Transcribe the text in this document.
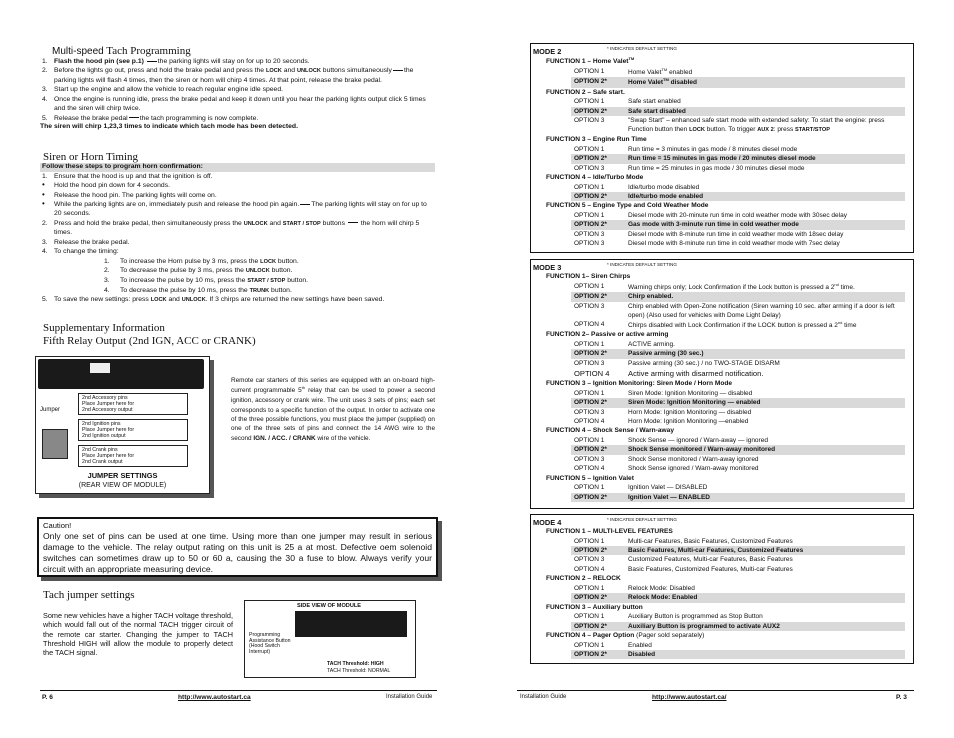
Multi-speed Tach Programming
1. Flash the hood pin (see p.1) the parking lights will stay on for up to 20 seconds.
2. Before the lights go out, press and hold the brake pedal and press the LOCK and UNLOCK buttons simultaneously the parking lights will flash 4 times, then the siren or horn will chirp 4 times. At that point, release the brake pedal.
3. Start up the engine and allow the vehicle to reach regular engine idle speed.
4. Once the engine is running idle, press the brake pedal and keep it down until you hear the parking lights output click 5 times and the siren will chirp twice.
5. Release the brake pedal the tach programming is now complete.
The siren will chirp 1,23,3 times to indicate which tach mode has been detected.
Siren or Horn Timing
Follow these steps to program horn confirmation:
1. Ensure that the hood is up and that the ignition is off.
•	Hold the hood pin down for 4 seconds.
•	Release the hood pin. The parking lights will come on.
•	While the parking lights are on, immediately push and release the hood pin again. The parking lights will stay on for up to 20 seconds.
2. Press and hold the brake pedal, then simultaneously press the UNLOCK and START / STOP buttons the horn will chirp 5 times.
3. Release the brake pedal.
4. To change the timing:
1.	To increase the Horn pulse by 3 ms, press the LOCK button.
2.	To decrease the pulse by 3 ms, press the UNLOCK button.
3.	To increase the pulse by 10 ms, press the START / STOP button.
4.	To decrease the pulse by 10 ms, press the TRUNK button.
5. To save the new settings: press LOCK and UNLOCK. If 3 chirps are returned the new settings have been saved.
Supplementary Information
Fifth Relay Output (2nd IGN, ACC or CRANK)
Jumper
2nd Accessory pins
Place Jumper here for
2nd Accessory output
2nd Ignition pins
Place Jumper here for
2nd Ignition output
2nd Crank pins
Place Jumper here for
2nd Crank output
JUMPER SETTINGS
(REAR VIEW OF MODULE)
Remote car starters of this series are equipped with an on-board high-current programmable 5th relay that can be used to power a second ignition, accessory or crank wire. The unit uses 3 sets of pins; each set corresponds to a specific function of the output. In order to activate one of the three possible functions, you must place the jumper (supplied) on one of the three sets of pins and connect the 14 AWG wire to the second IGN. / ACC. / CRANK wire of the vehicle.
Caution!
Only one set of pins can be used at one time. Using more than one jumper may result in serious damage to the vehicle. The relay output rating on this unit is 25 a at most. Defective oem solenoid switches can sometimes draw up to 50 or 60 a, causing the 30 a fuse to blow. Always verify your circuit with an appropriate measuring device.
Tach jumper settings
Some new vehicles have a higher TACH voltage threshold, which would fall out of the normal TACH trigger circuit of the remote car starter. Changing the jumper to TACH Threshold HIGH will allow the module to properly detect the TACH signal.
SIDE VIEW OF MODULE
Programming
Assistance Button
(Hood Switch
Interrupt)
TACH Threshold: HIGH
TACH Threshold: NORMAL
P. 6	http://www.autostart.ca	Installation Guide
MODE 2	* INDICATES DEFAULT SETTING
FUNCTION 1 – Home Valet™
OPTION 1	Home Valet™ enabled
OPTION 2*	Home Valet™ disabled
FUNCTION 2 – Safe start.
OPTION 1	Safe start enabled
OPTION 2*	Safe start disabled
OPTION 3	"Swap Start" – enhanced safe start mode with extended safety: To start the engine: press Function button then LOCK button. To trigger AUX 2: press START/STOP
FUNCTION 3 – Engine Run Time
OPTION 1	Run time = 3 minutes in gas mode / 8 minutes diesel mode
OPTION 2*	Run time = 15 minutes in gas mode / 20 minutes diesel mode
OPTION 3	Run time = 25 minutes in gas mode / 30 minutes diesel mode
FUNCTION 4 – Idle/Turbo Mode
OPTION 1	Idle/turbo mode disabled
OPTION 2*	Idle/turbo mode enabled
FUNCTION 5 – Engine Type and Cold Weather Mode
OPTION 1	Diesel mode with 20-minute run time in cold weather mode with 30sec delay
OPTION 2*	Gas mode with 3-minute run time in cold weather mode
OPTION 3	Diesel mode with 8-minute run time in cold weather mode with 18sec delay
OPTION 3	Diesel mode with 8-minute run time in cold weather mode with 7sec delay
MODE 3	* INDICATES DEFAULT SETTING
FUNCTION 1– Siren Chirps
OPTION 1	Warning chirps only; Lock Confirmation if the Lock button is pressed a 2nd time.
OPTION 2*	Chirp enabled.
OPTION 3	Chirp enabled with Open-Zone notification (Siren warning 10 sec. after arming if a door is left open) (Also used for vehicles with Dome Light Delay)
OPTION 4	Chirps disabled with Lock Confirmation if the LOCK button is pressed a 2nd time
FUNCTION 2– Passive or active arming
OPTION 1	ACTIVE arming.
OPTION 2*	Passive arming (30 sec.)
OPTION 3	Passive arming (30 sec.) / no TWO-STAGE DISARM
OPTION 4	Active arming with disarmed notification.
FUNCTION 3 – Ignition Monitoring: Siren Mode / Horn Mode
OPTION 1	Siren Mode: Ignition Monitoring — disabled
OPTION 2*	Siren Mode: Ignition Monitoring — enabled
OPTION 3	Horn Mode: Ignition Monitoring — disabled
OPTION 4	Horn Mode: Ignition Monitoring —enabled
FUNCTION 4 – Shock Sense / Warn-away
OPTION 1	Shock Sense — ignored / Warn-away — ignored
OPTION 2*	Shock Sense monitored / Warn-away monitored
OPTION 3	Shock Sense monitored / Warn-away ignored
OPTION 4	Shock Sense ignored / Warn-away monitored
FUNCTION 5 – Ignition Valet
OPTION 1	Ignition Valet — DISABLED
OPTION 2*	Ignition Valet — ENABLED
MODE 4	* INDICATES DEFAULT SETTING
FUNCTION 1 – MULTI-LEVEL FEATURES
OPTION 1	Multi-car Features, Basic Features, Customized Features
OPTION 2*	Basic Features, Multi-car Features, Customized Features
OPTION 3	Customized Features, Multi-car Features, Basic Features
OPTION 4	Basic Features, Customized Features, Multi-car Features
FUNCTION 2 – RELOCK
OPTION 1	Relock Mode: Disabled
OPTION 2*	Relock Mode: Enabled
FUNCTION 3 – Auxiliary button
OPTION 1	Auxiliary Button is programmed as Stop Button
OPTION 2*	Auxiliary Button is programmed to activate AUX2
FUNCTION 4 – Pager Option (Pager sold separately)
OPTION 1	Enabled
OPTION 2*	Disabled
Installation Guide	http://www.autostart.ca/	P. 3
